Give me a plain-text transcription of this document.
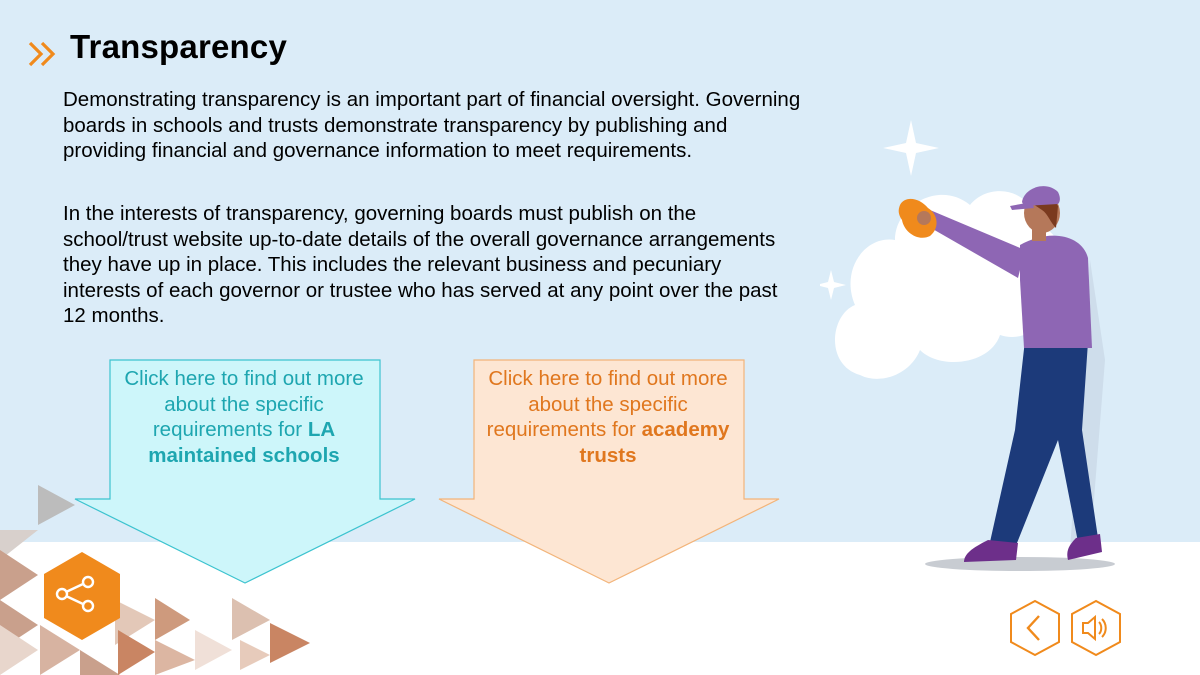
Transparency

Demonstrating transparency is an important part of financial oversight. Governing boards in schools and trusts demonstrate transparency by publishing and providing financial and governance information to meet requirements.

In the interests of transparency, governing boards must publish on the school/trust website up-to-date details of the overall governance arrangements they have up in place. This includes the relevant business and pecuniary interests of each governor or trustee who has served at any point over the past 12 months.

Click here to find out more about the specific requirements for LA maintained schools
Click here to find out more about the specific requirements for academy trusts
